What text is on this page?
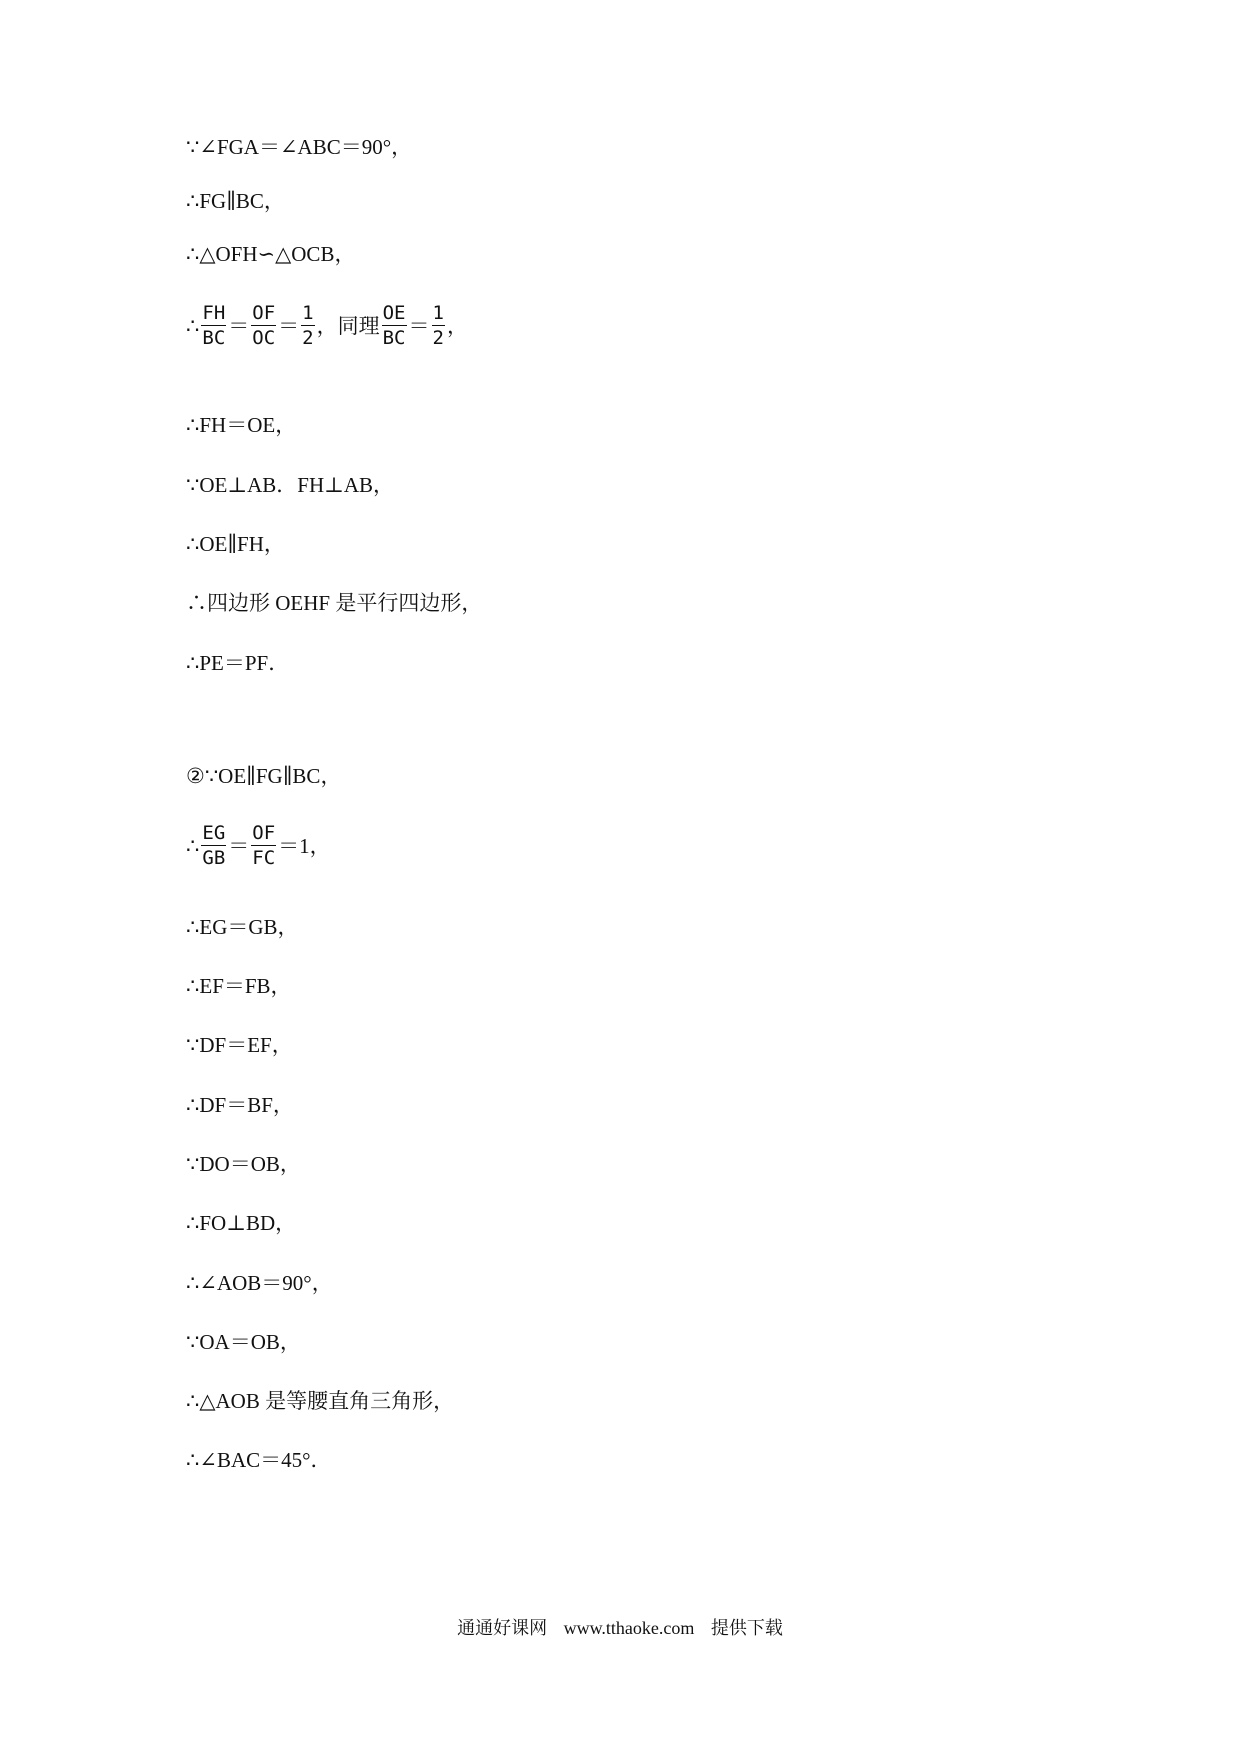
∵∠FGA＝∠ABC＝90°，
∴FG∥BC，
∴△OFH∽△OCB，
∴ $\frac{FH}{BC} = \frac{OF}{OC} = \frac{1}{2}$ ，同理 $\frac{OE}{BC} = \frac{1}{2}$ ，
∴FH＝OE，
∵OE⊥AB．FH⊥AB，
∴OE∥FH，
∴四边形 OEHF 是平行四边形，
∴PE＝PF．
②∵OE∥FG∥BC，
∴ $\frac{EG}{GB} = \frac{OF}{FC} =1$，
∴EG＝GB，
∴EF＝FB，
∵DF＝EF，
∴DF＝BF，
∵DO＝OB，
∴FO⊥BD，
∴∠AOB＝90°，
∵OA＝OB，
∴△AOB 是等腰直角三角形，
∴∠BAC＝45°．
通通好课网 www.tthaoke.com 提供下载
